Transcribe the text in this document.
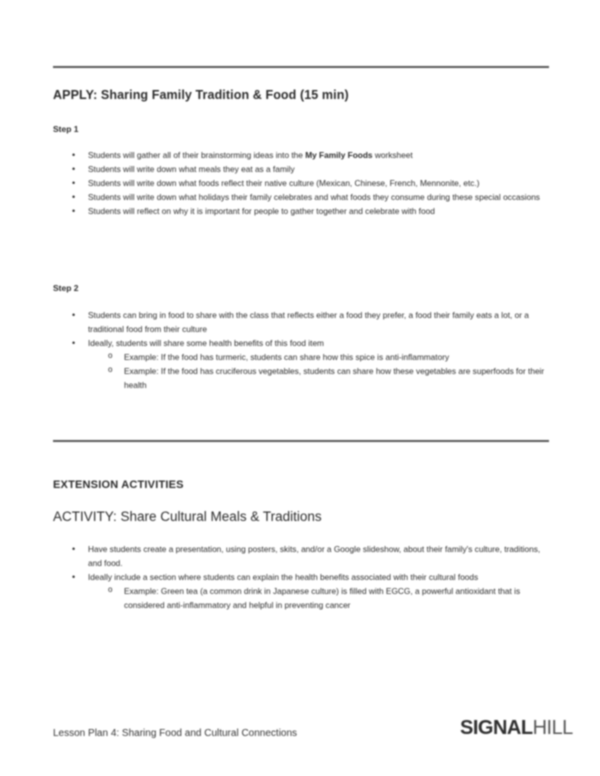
APPLY: Sharing Family Tradition & Food (15 min)
Step 1
• Students will gather all of their brainstorming ideas into the My Family Foods worksheet
• Students will write down what meals they eat as a family
• Students will write down what foods reflect their native culture (Mexican, Chinese, French, Mennonite, etc.)
• Students will write down what holidays their family celebrates and what foods they consume during these special occasions
• Students will reflect on why it is important for people to gather together and celebrate with food
Step 2
• Students can bring in food to share with the class that reflects either a food they prefer, a food their family eats a lot, or a traditional food from their culture
• Ideally, students will share some health benefits of this food item
o Example: If the food has turmeric, students can share how this spice is anti-inflammatory
o Example: If the food has cruciferous vegetables, students can share how these vegetables are superfoods for their health
EXTENSION ACTIVITIES
ACTIVITY: Share Cultural Meals & Traditions
• Have students create a presentation, using posters, skits, and/or a Google slideshow, about their family's culture, traditions, and food.
• Ideally include a section where students can explain the health benefits associated with their cultural foods
o Example: Green tea (a common drink in Japanese culture) is filled with EGCG, a powerful antioxidant that is considered anti-inflammatory and helpful in preventing cancer
Lesson Plan 4: Sharing Food and Cultural Connections	SIGNALHILL
